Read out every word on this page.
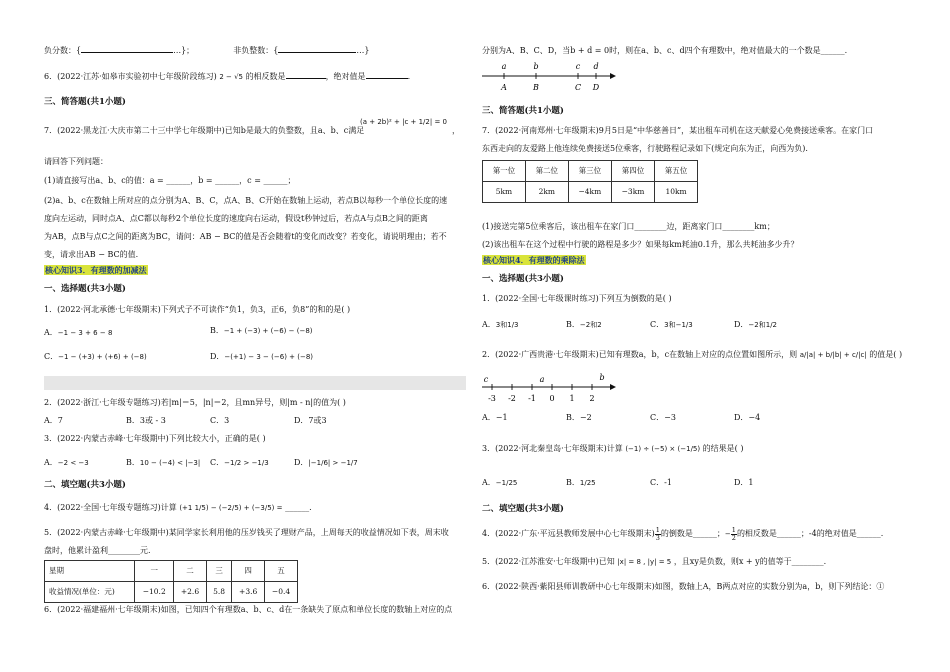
负分数：{	…}；	非负整数：{	…}
6．(2022·江苏·如皋市实验初中七年级阶段练习) 2 − √5 的相反数是	，绝对值是	.
三、简答题(共1小题)
7．(2022·黑龙江·大庆市第二十三中学七年级期中)已知b是最大的负整数，且a、b、c满足
(a + 2b)² + |c + 1/2| = 0
，
请回答下列问题：
(1)请直接写出a、b、c的值：a = ______，b = ______，c = ______；
(2)a、b、c在数轴上所对应的点分别为A、B、C，点A、B、C开始在数轴上运动，若点B以每秒一个单位长度的速
度向左运动，同时点A、点C都以每秒2个单位长度的速度向右运动，假设t秒钟过后，若点A与点B之间的距离
为AB，点B与点C之间的距离为BC，请问：AB − BC的值是否会随着t的变化而改变？若变化，请说明理由；若不
变，请求出AB − BC的值.
核心知识3．有理数的加减法
一、选择题(共3小题)
1．(2022·河北承德·七年级期末)下列式子不可读作“负1，负3，正6，负8”的和的是( )
A．−1 − 3 + 6 − 8	B．−1 + (−3) + (−6) − (−8)
C．−1 − (+3) + (+6) + (−8)	D．−(+1) − 3 − (−6) + (−8)
2．(2022·浙江·七年级专题练习)若|m|＝5，|n|＝2，且mn异号，则|m - n|的值为( )
A．7	B．3或 - 3	C．3	D．7或3
3．(2022·内蒙古赤峰·七年级期中)下列比较大小，正确的是( )
A．−2 < −3	B．10 − (−4) < |−3| C．−1/2 > −1/3	D．|−1/6| > −1/7
二、填空题(共3小题)
4．(2022·全国·七年级专题练习)计算 (+1 1/5) − (−2/5) + (−3/5) = ______.
5．(2022·内蒙古赤峰·七年级期中)某同学家长利用他的压岁钱买了理财产品，上周每天的收益情况如下表，周末收
盘时，他累计盈利________元.
星期	一	二	三	四	五
收益情况(单位：元)	−10.2	+2.6	5.8	+3.6	−0.4
6．(2022·福建福州·七年级期末)如图，已知四个有理数a、b、c、d在一条缺失了原点和单位长度的数轴上对应的点
分别为A、B、C、D，当b + d = 0时，则在a、b、c、d四个有理数中，绝对值最大的一个数是______.
a	b	c d
A	B	C D
三、简答题(共1小题)
7．(2022·河南郑州·七年级期末)9月5日是“中华慈善日”，某出租车司机在这天献爱心免费接送乘客。在家门口
东西走向的友爱路上他连续免费接送5位乘客，行驶路程记录如下(规定向东为正，向西为负).
第一位	第二位	第三位	第四位	第五位
5km	2km	−4km	−3km	10km
(1)接送完第5位乘客后，该出租车在家门口________边，距离家门口________km；
(2)该出租车在这个过程中行驶的路程是多少？如果每km耗油0.1升，那么共耗油多少升？
核心知识4．有理数的乘除法
一、选择题(共3小题)
1．(2022·全国·七年级课时练习)下列互为倒数的是( )
A．3和1/3	B．−2和2	C．3和−1/3	D．−2和1/2
2．(2022·广西贵港·七年级期末)已知有理数a，b，c在数轴上对应的点位置如图所示，则 a/|a| + b/|b| + c/|c| 的值是( )
-3 -2 -1 0 1 2
c	a	b
A．−1	B．−2	C．−3	D．−4
3．(2022·河北秦皇岛·七年级期末)计算 (−1) ÷ (−5) × (−1/5) 的结果是( )
A．−1/25	B．1/25	C．-1	D．1
二、填空题(共3小题)
4．(2022·广东·平远县教师发展中心七年级期末) $\frac{1}{3}$ 的倒数是______；− $\frac{1}{2}$ 的相反数是______；-4的绝对值是______.
5．(2022·江苏淮安·七年级期中)已知 |x| = 8 , |y| = 5 ，且xy是负数，则x + y的值等于________.
6．(2022·陕西·紫阳县师训教研中心七年级期末)如图，数轴上A，B两点对应的实数分别为a，b，则下列结论：①
